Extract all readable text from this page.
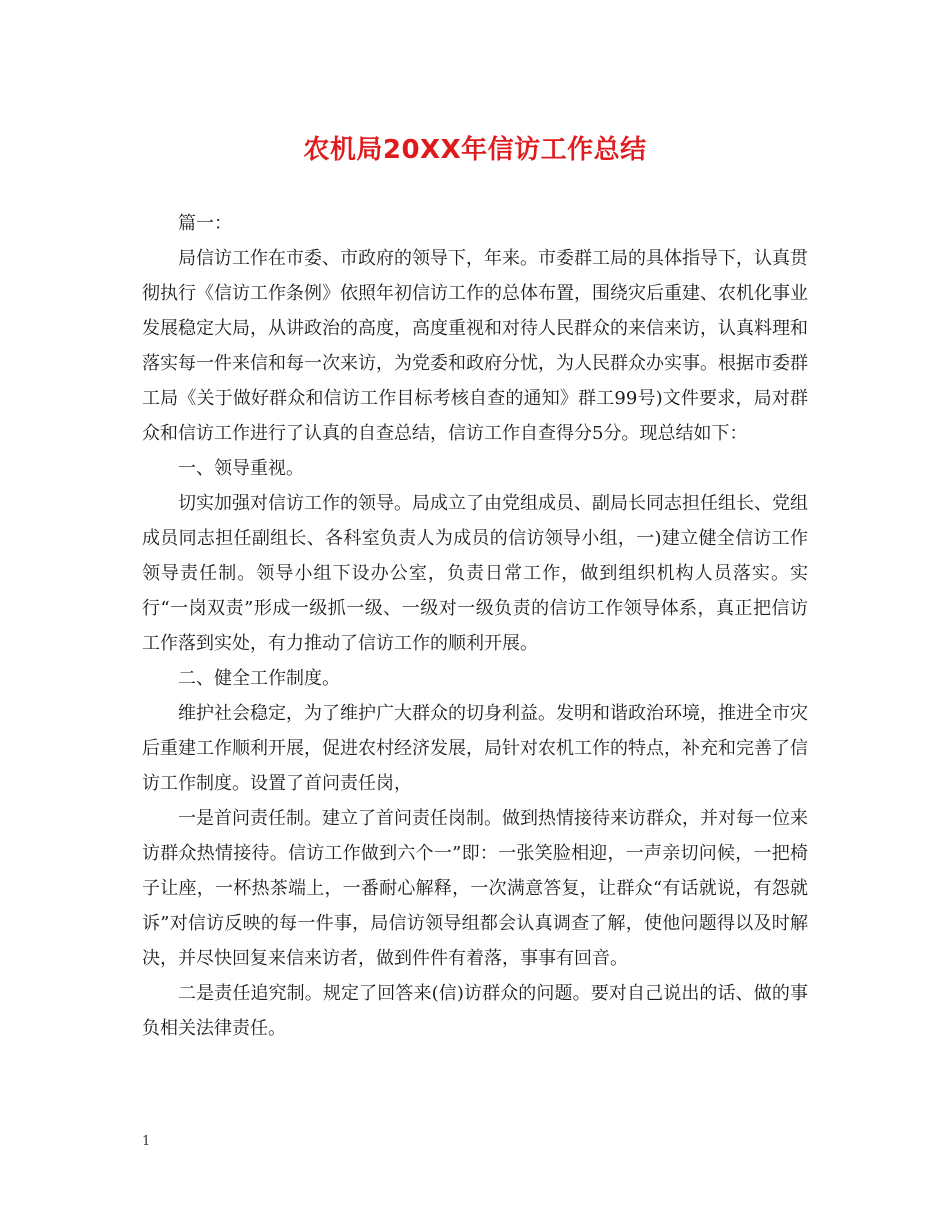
农机局20XX年信访工作总结

篇一：

局信访工作在市委、市政府的领导下，年来。市委群工局的具体指导下，认真贯彻执行《信访工作条例》依照年初信访工作的总体布置，围绕灾后重建、农机化事业发展稳定大局，从讲政治的高度，高度重视和对待人民群众的来信来访，认真料理和落实每一件来信和每一次来访，为党委和政府分忧，为人民群众办实事。根据市委群工局《关于做好群众和信访工作目标考核自查的通知》群工99号)文件要求，局对群众和信访工作进行了认真的自查总结，信访工作自查得分5分。现总结如下：

一、领导重视。

切实加强对信访工作的领导。局成立了由党组成员、副局长同志担任组长、党组成员同志担任副组长、各科室负责人为成员的信访领导小组，一)建立健全信访工作领导责任制。领导小组下设办公室，负责日常工作，做到组织机构人员落实。实行“一岗双责”形成一级抓一级、一级对一级负责的信访工作领导体系，真正把信访工作落到实处，有力推动了信访工作的顺利开展。

二、健全工作制度。

维护社会稳定，为了维护广大群众的切身利益。发明和谐政治环境，推进全市灾后重建工作顺利开展，促进农村经济发展，局针对农机工作的特点，补充和完善了信访工作制度。设置了首问责任岗，

一是首问责任制。建立了首问责任岗制。做到热情接待来访群众，并对每一位来访群众热情接待。信访工作做到六个一”即：一张笑脸相迎，一声亲切问候，一把椅子让座，一杯热茶端上，一番耐心解释，一次满意答复，让群众“有话就说，有怨就诉”对信访反映的每一件事，局信访领导组都会认真调查了解，使他问题得以及时解决，并尽快回复来信来访者，做到件件有着落，事事有回音。

二是责任追究制。规定了回答来(信)访群众的问题。要对自己说出的话、做的事负相关法律责任。

1
